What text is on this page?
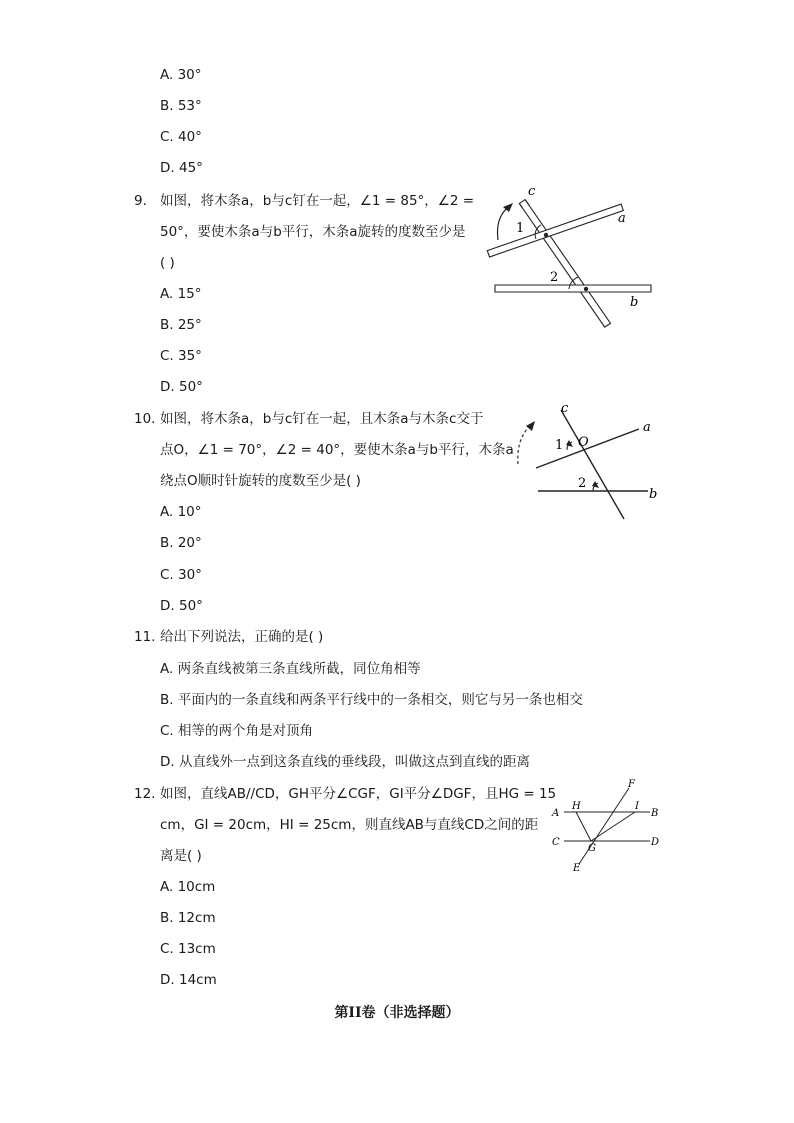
A. 30°
B. 53°
C. 40°
D. 45°
9. 如图，将木条a，b与c钉在一起，∠1 = 85°，∠2 =
50°，要使木条a与b平行，木条a旋转的度数至少是
( )
A. 15°
B. 25°
C. 35°
D. 50°
c
a
b
1
2
10. 如图，将木条a，b与c钉在一起，且木条a与木条c交于
点O，∠1 = 70°，∠2 = 40°，要使木条a与b平行，木条a
绕点O顺时针旋转的度数至少是( )
A. 10°
B. 20°
C. 30°
D. 50°
c
a
b
O
1
2
11. 给出下列说法，正确的是( )
A. 两条直线被第三条直线所截，同位角相等
B. 平面内的一条直线和两条平行线中的一条相交，则它与另一条也相交
C. 相等的两个角是对顶角
D. 从直线外一点到这条直线的垂线段，叫做这点到直线的距离
12. 如图，直线AB//CD，GH平分∠CGF，GI平分∠DGF，且HG = 15
cm，GI = 20cm，HI = 25cm，则直线AB与直线CD之间的距
离是( )
A. 10cm
B. 12cm
C. 13cm
D. 14cm
A	B
C	D
E
F
G
H	I
第II卷（非选择题）
